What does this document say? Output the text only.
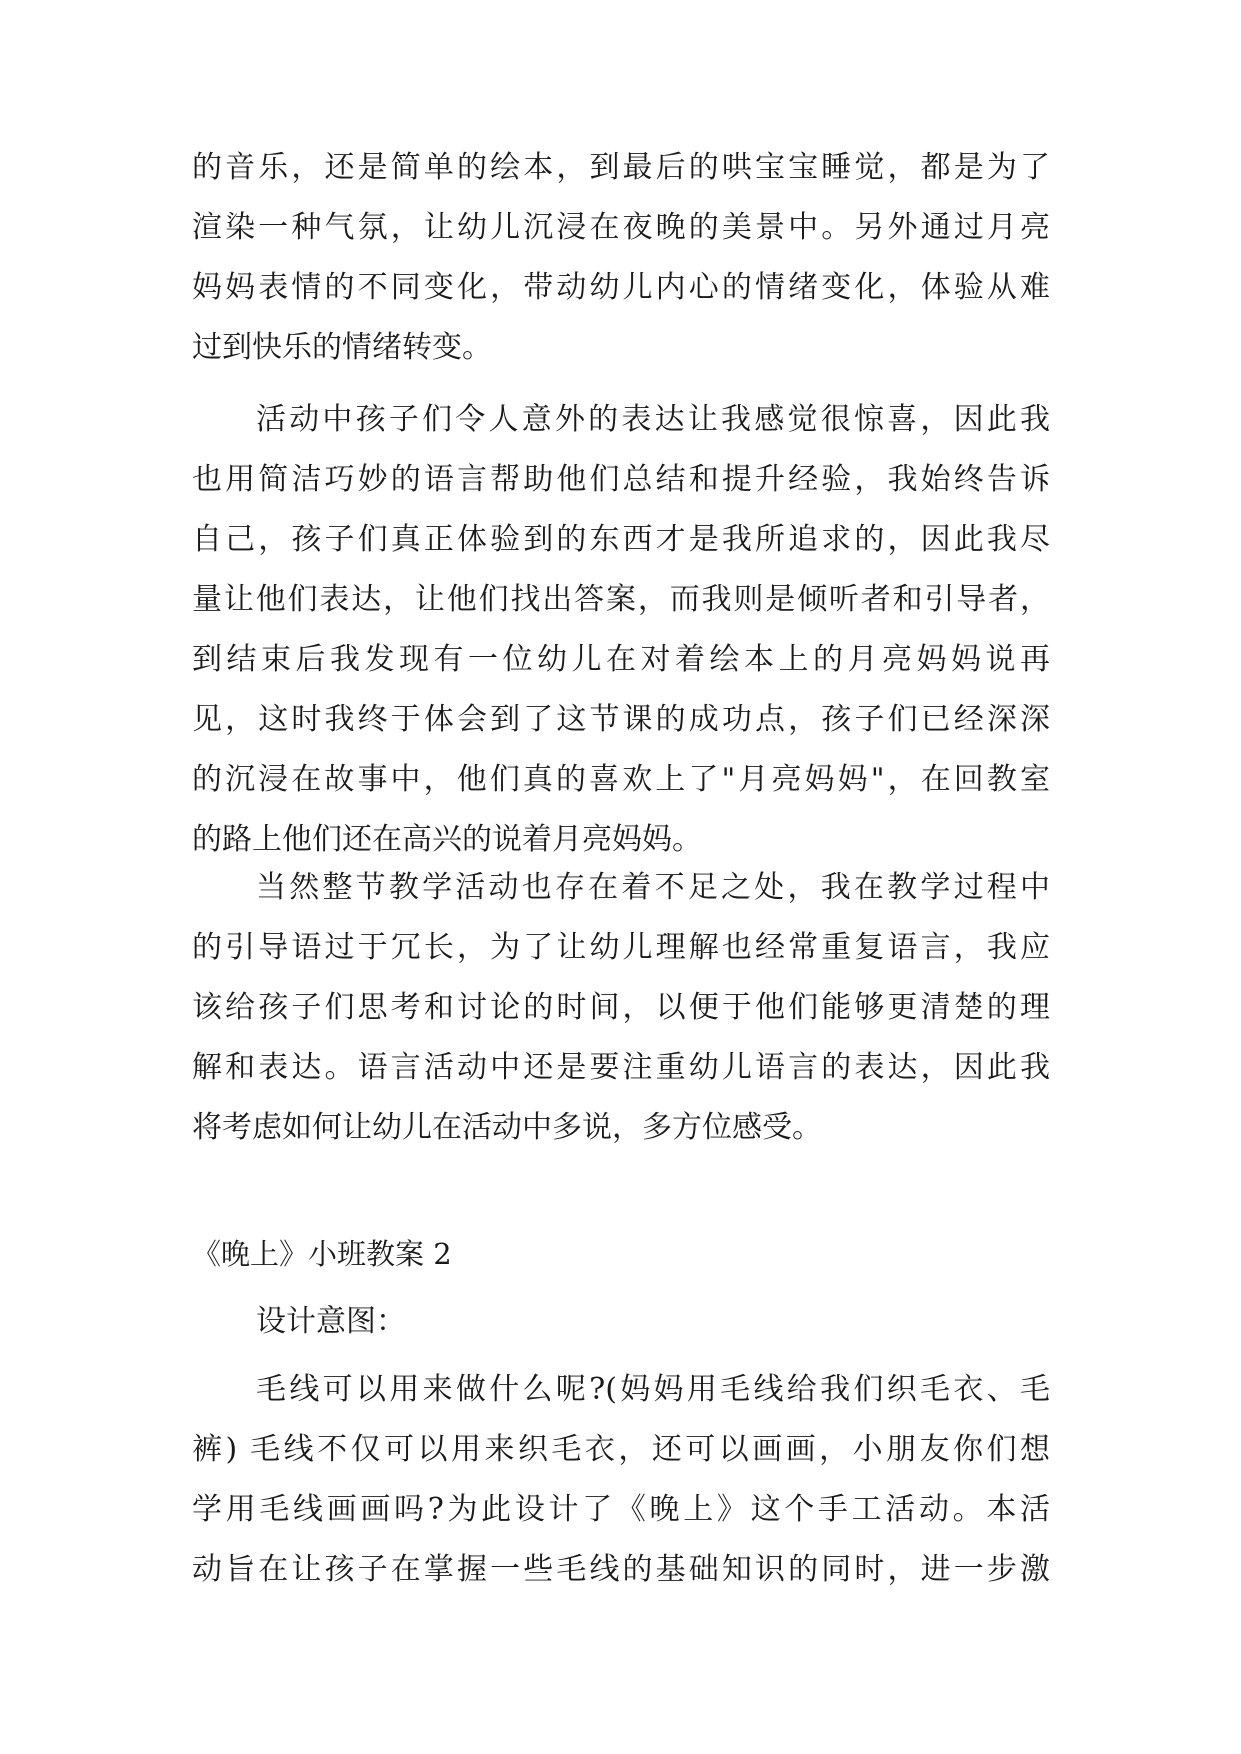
的音乐，还是简单的绘本，到最后的哄宝宝睡觉，都是为了
渲染一种气氛，让幼儿沉浸在夜晚的美景中。另外通过月亮
妈妈表情的不同变化，带动幼儿内心的情绪变化，体验从难
过到快乐的情绪转变。
活动中孩子们令人意外的表达让我感觉很惊喜，因此我
也用简洁巧妙的语言帮助他们总结和提升经验，我始终告诉
自己，孩子们真正体验到的东西才是我所追求的，因此我尽
量让他们表达，让他们找出答案，而我则是倾听者和引导者，
到结束后我发现有一位幼儿在对着绘本上的月亮妈妈说再
见，这时我终于体会到了这节课的成功点，孩子们已经深深
的沉浸在故事中，他们真的喜欢上了"月亮妈妈"，在回教室
的路上他们还在高兴的说着月亮妈妈。
当然整节教学活动也存在着不足之处，我在教学过程中
的引导语过于冗长，为了让幼儿理解也经常重复语言，我应
该给孩子们思考和讨论的时间，以便于他们能够更清楚的理
解和表达。语言活动中还是要注重幼儿语言的表达，因此我
将考虑如何让幼儿在活动中多说，多方位感受。
《晚上》小班教案 2
设计意图：
毛线可以用来做什么呢?(妈妈用毛线给我们织毛衣、毛
裤) 毛线不仅可以用来织毛衣，还可以画画，小朋友你们想
学用毛线画画吗?为此设计了《晚上》这个手工活动。本活
动旨在让孩子在掌握一些毛线的基础知识的同时，进一步激
